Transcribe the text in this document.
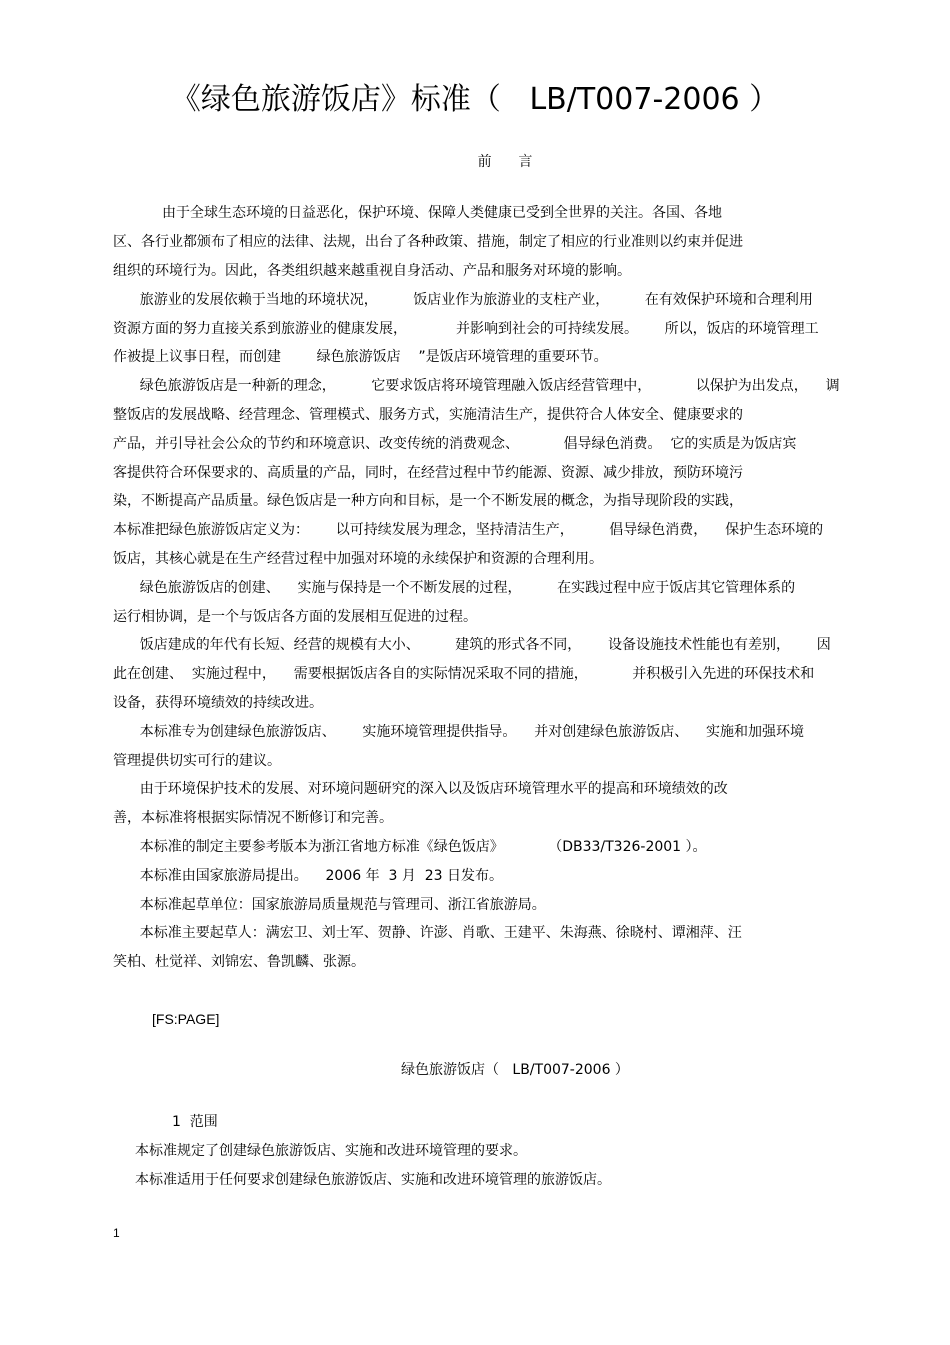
《绿色旅游饭店》标准（   LB/T007-2006 ）
前      言
由于全球生态环境的日益恶化，保护环境、保障人类健康已受到全世界的关注。各国、各地
区、各行业都颁布了相应的法律、法规，出台了各种政策、措施，制定了相应的行业准则以约束并促进
组织的环境行为。因此，各类组织越来越重视自身活动、产品和服务对环境的影响。
旅游业的发展依赖于当地的环境状况，        饭店业作为旅游业的支柱产业，        在有效保护环境和合理利用
资源方面的努力直接关系到旅游业的健康发展，           并影响到社会的可持续发展。      所以，饭店的环境管理工
作被提上议事日程，而创建        绿色旅游饭店    ”是饭店环境管理的重要环节。
绿色旅游饭店是一种新的理念，        它要求饭店将环境管理融入饭店经营管理中，          以保护为出发点，    调
整饭店的发展战略、经营理念、管理模式、服务方式，实施清洁生产，提供符合人体安全、健康要求的
产品，并引导社会公众的节约和环境意识、改变传统的消费观念、          倡导绿色消费。  它的实质是为饭店宾
客提供符合环保要求的、高质量的产品，同时，在经营过程中节约能源、资源、减少排放，预防环境污
染，不断提高产品质量。绿色饭店是一种方向和目标，是一个不断发展的概念，为指导现阶段的实践，
本标准把绿色旅游饭店定义为：      以可持续发展为理念，坚持清洁生产，        倡导绿色消费，    保护生态环境的
饭店，其核心就是在生产经营过程中加强对环境的永续保护和资源的合理利用。
绿色旅游饭店的创建、    实施与保持是一个不断发展的过程，        在实践过程中应于饭店其它管理体系的
运行相协调，是一个与饭店各方面的发展相互促进的过程。
饭店建成的年代有长短、经营的规模有大小、        建筑的形式各不同，      设备设施技术性能也有差别，      因
此在创建、  实施过程中，    需要根据饭店各自的实际情况采取不同的措施，          并积极引入先进的环保技术和
设备，获得环境绩效的持续改进。
本标准专为创建绿色旅游饭店、      实施环境管理提供指导。    并对创建绿色旅游饭店、    实施和加强环境
管理提供切实可行的建议。
由于环境保护技术的发展、对环境问题研究的深入以及饭店环境管理水平的提高和环境绩效的改
善，本标准将根据实际情况不断修订和完善。
本标准的制定主要参考版本为浙江省地方标准《绿色饭店》          （DB33/T326-2001 ）。
本标准由国家旅游局提出。    2006 年  3 月  23 日发布。
本标准起草单位：国家旅游局质量规范与管理司、浙江省旅游局。
本标准主要起草人：满宏卫、刘士军、贺静、许澎、肖歌、王建平、朱海燕、徐晓村、谭湘萍、汪
笑柏、杜觉祥、刘锦宏、鲁凯麟、张源。
[FS:PAGE]
绿色旅游饭店（   LB/T007-2006 ）
1  范围
本标准规定了创建绿色旅游饭店、实施和改进环境管理的要求。
本标准适用于任何要求创建绿色旅游饭店、实施和改进环境管理的旅游饭店。
1
